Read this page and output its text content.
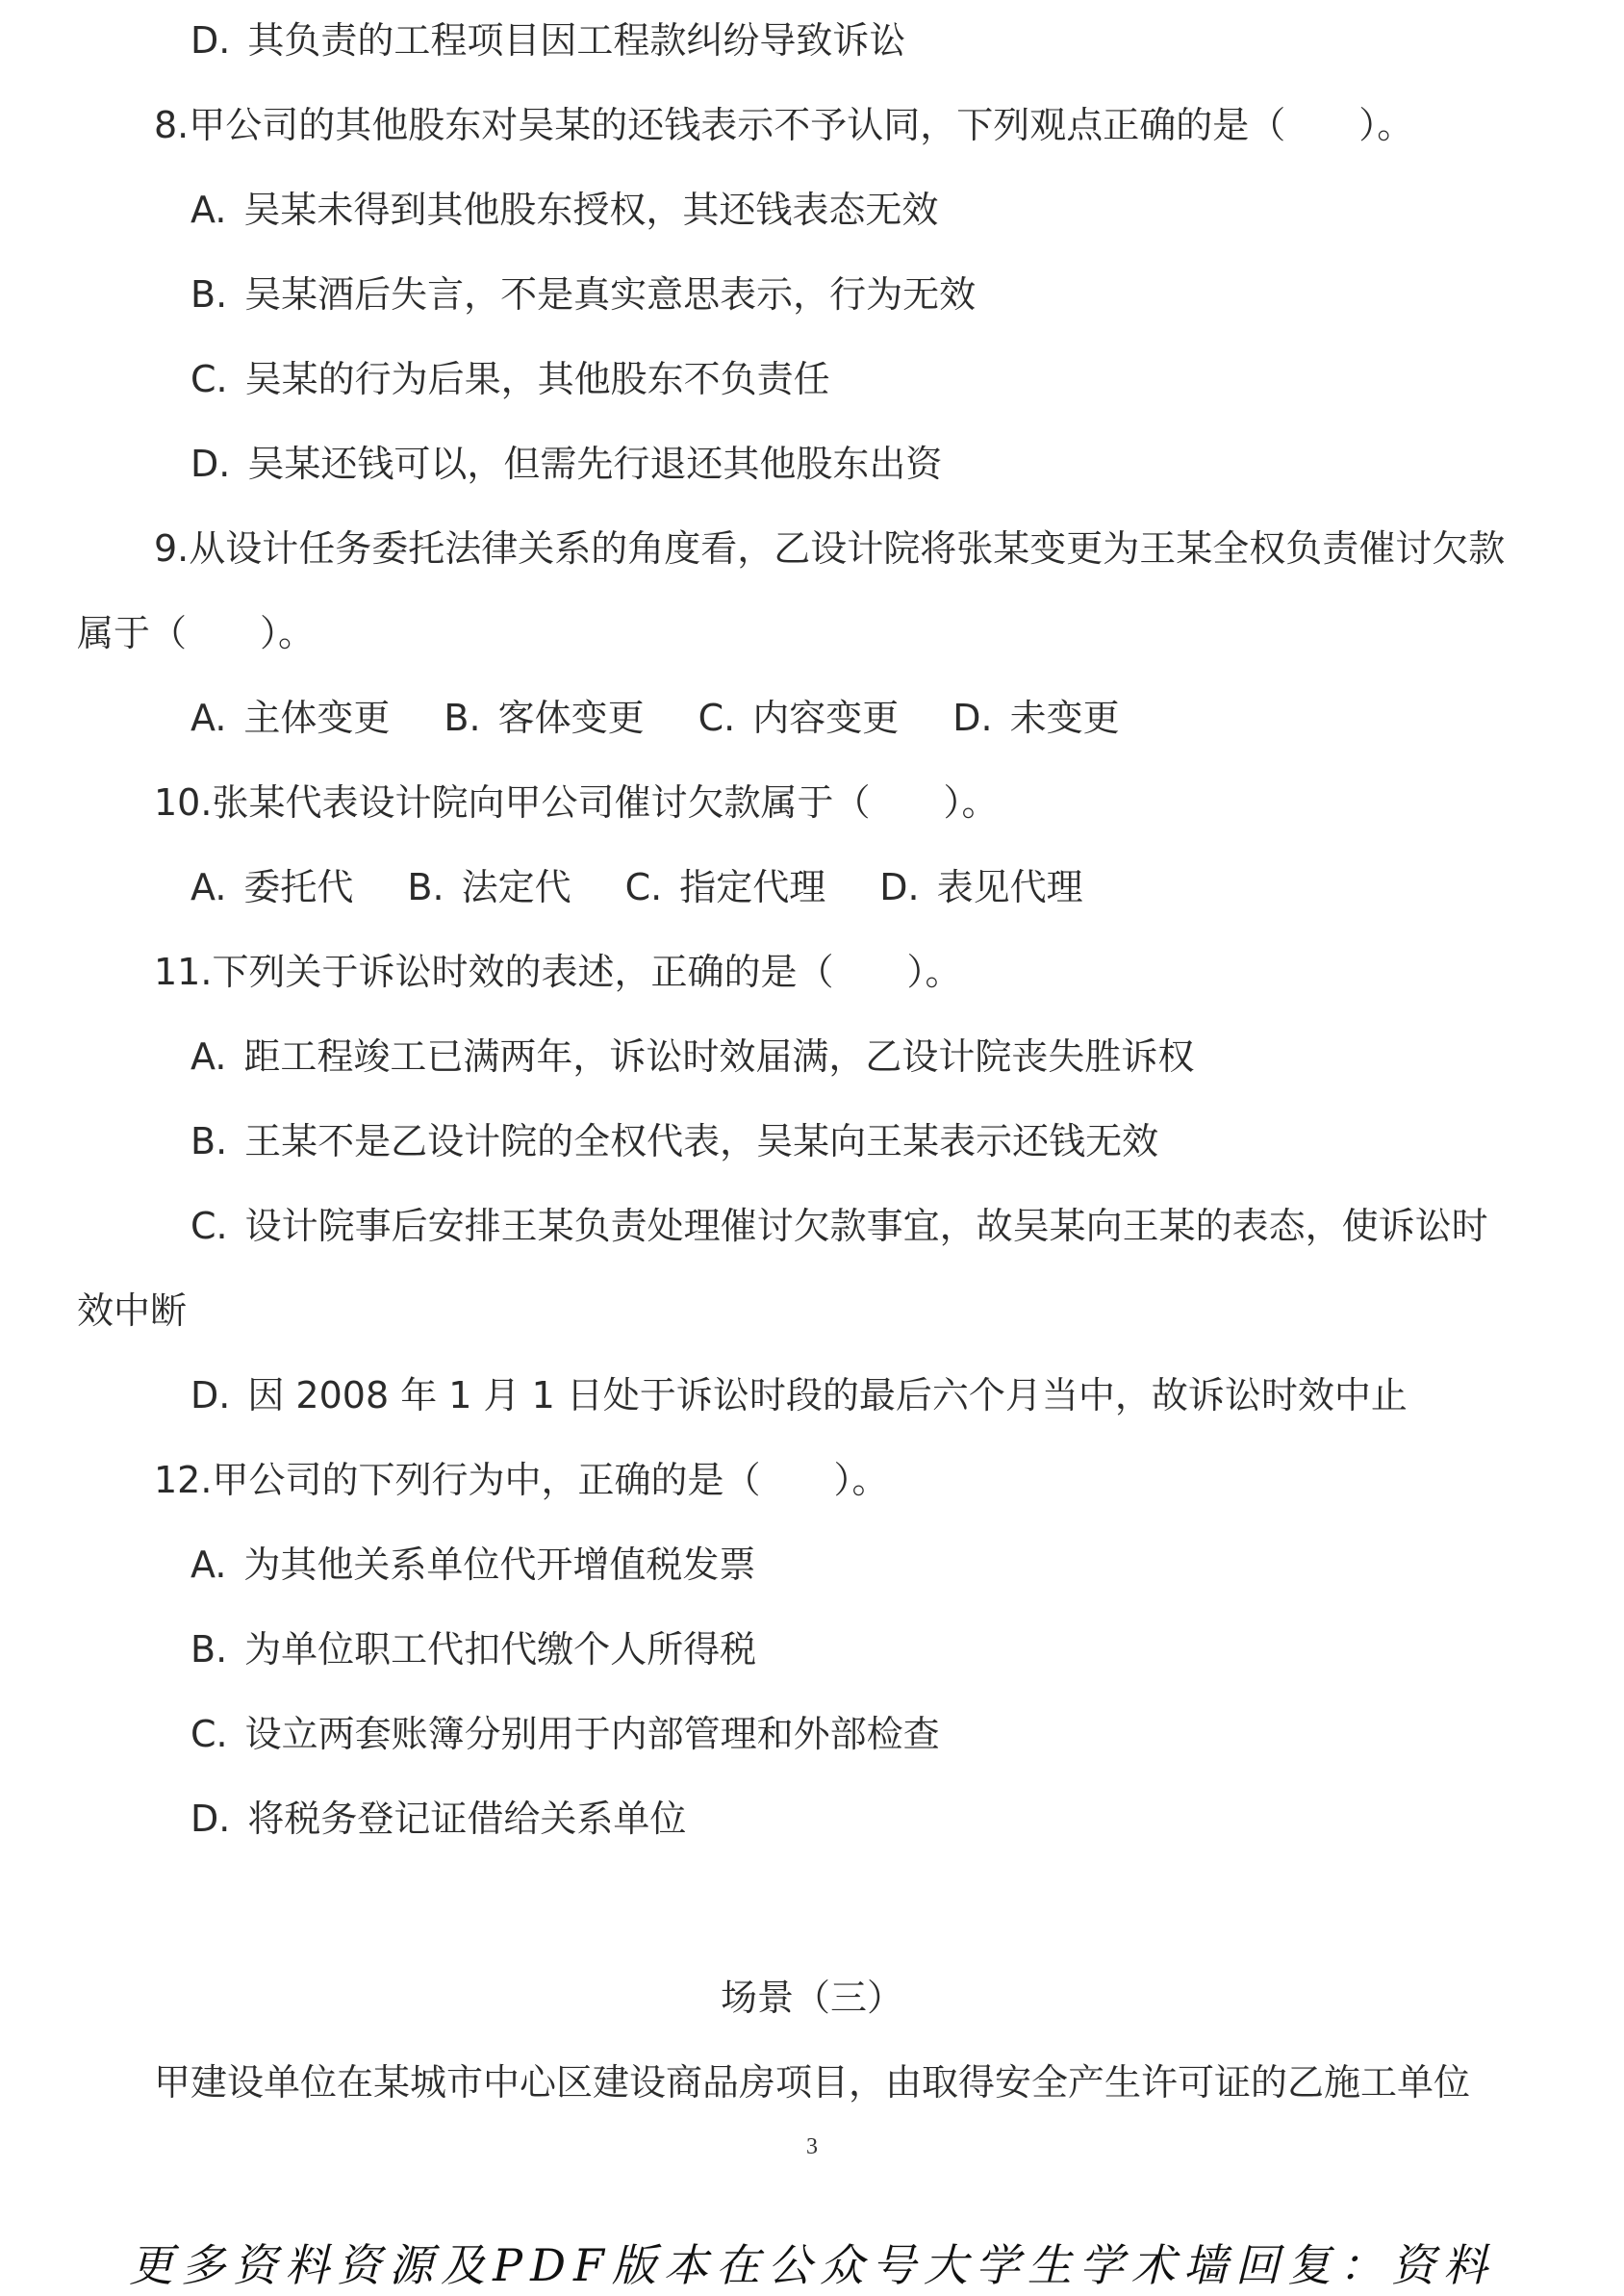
D. 其负责的工程项目因工程款纠纷导致诉讼
8.甲公司的其他股东对吴某的还钱表示不予认同，下列观点正确的是（　　）。
A. 吴某未得到其他股东授权，其还钱表态无效
B. 吴某酒后失言，不是真实意思表示，行为无效
C. 吴某的行为后果，其他股东不负责任
D. 吴某还钱可以，但需先行退还其他股东出资
9.从设计任务委托法律关系的角度看，乙设计院将张某变更为王某全权负责催讨欠款
属于（　　）。
A. 主体变更 B. 客体变更 C. 内容变更 D. 未变更
10.张某代表设计院向甲公司催讨欠款属于（　　）。
A. 委托代 B. 法定代 C. 指定代理 D. 表见代理
11.下列关于诉讼时效的表述，正确的是（　　）。
A. 距工程竣工已满两年，诉讼时效届满，乙设计院丧失胜诉权
B. 王某不是乙设计院的全权代表，吴某向王某表示还钱无效
C. 设计院事后安排王某负责处理催讨欠款事宜，故吴某向王某的表态，使诉讼时
效中断
D. 因 2008 年 1 月 1 日处于诉讼时段的最后六个月当中，故诉讼时效中止
12.甲公司的下列行为中，正确的是（　　）。
A. 为其他关系单位代开增值税发票
B. 为单位职工代扣代缴个人所得税
C. 设立两套账簿分别用于内部管理和外部检查
D. 将税务登记证借给关系单位
场景（三）
甲建设单位在某城市中心区建设商品房项目，由取得安全产生许可证的乙施工单位
3
更多资料资源及PDF版本在公众号大学生学术墙回复：资料
